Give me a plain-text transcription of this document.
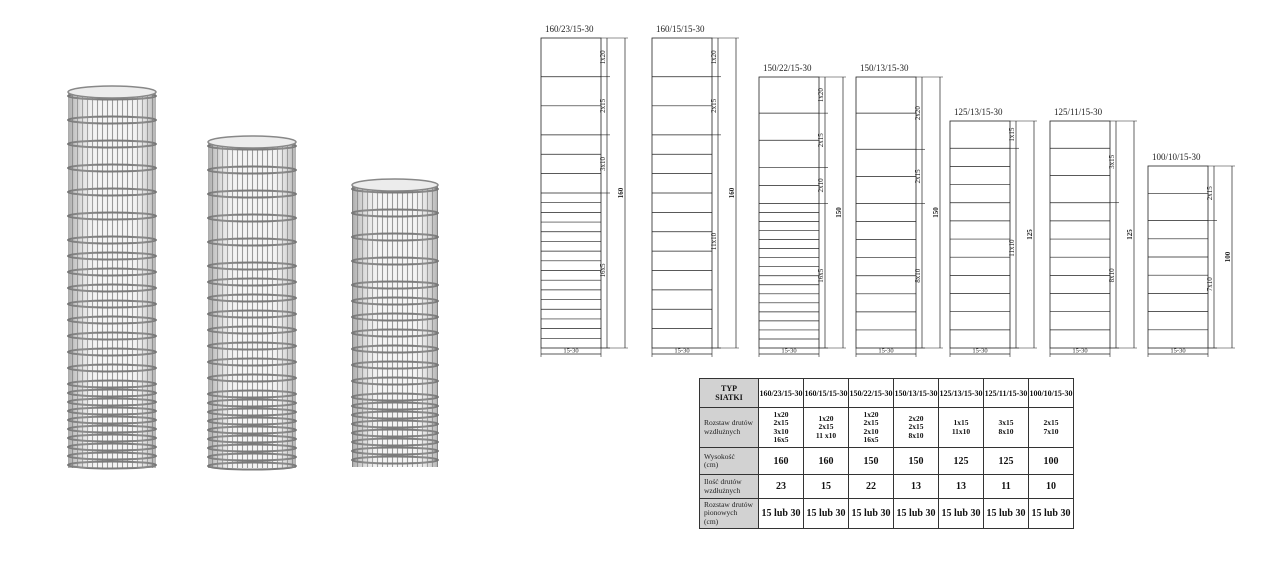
160/23/15-30
1x20
2x15
3x10
16x5
160
15-30
160/15/15-30
1x20
2x15
11x10
160
15-30
150/22/15-30
1x20
2x15
2x10
16x5
150
15-30
150/13/15-30
2x20
2x15
8x10
150
15-30
125/13/15-30
1x15
11x10
125
15-30
125/11/15-30
3x15
8x10
125
15-30
100/10/15-30
2x15
7x10
100
15-30
TYP
SIATKI	160/23/15-30	160/15/15-30	150/22/15-30	150/13/15-30	125/13/15-30	125/11/15-30	100/10/15-30

Rozstaw drutów
wzdłużnych	1x20
2x15
3x10
16x5	1x20
2x15
11 x10	1x20
2x15
2x10
16x5	2x20
2x15
8x10	1x15
11x10	3x15
8x10	2x15
7x10

Wysokość
(cm)	160	160	150	150	125	125	100

Ilość drutów
wzdłużnych	23	15	22	13	13	11	10

Rozstaw drutów
pionowych
(cm)	15 lub 30	15 lub 30	15 lub 30	15 lub 30	15 lub 30	15 lub 30	15 lub 30
